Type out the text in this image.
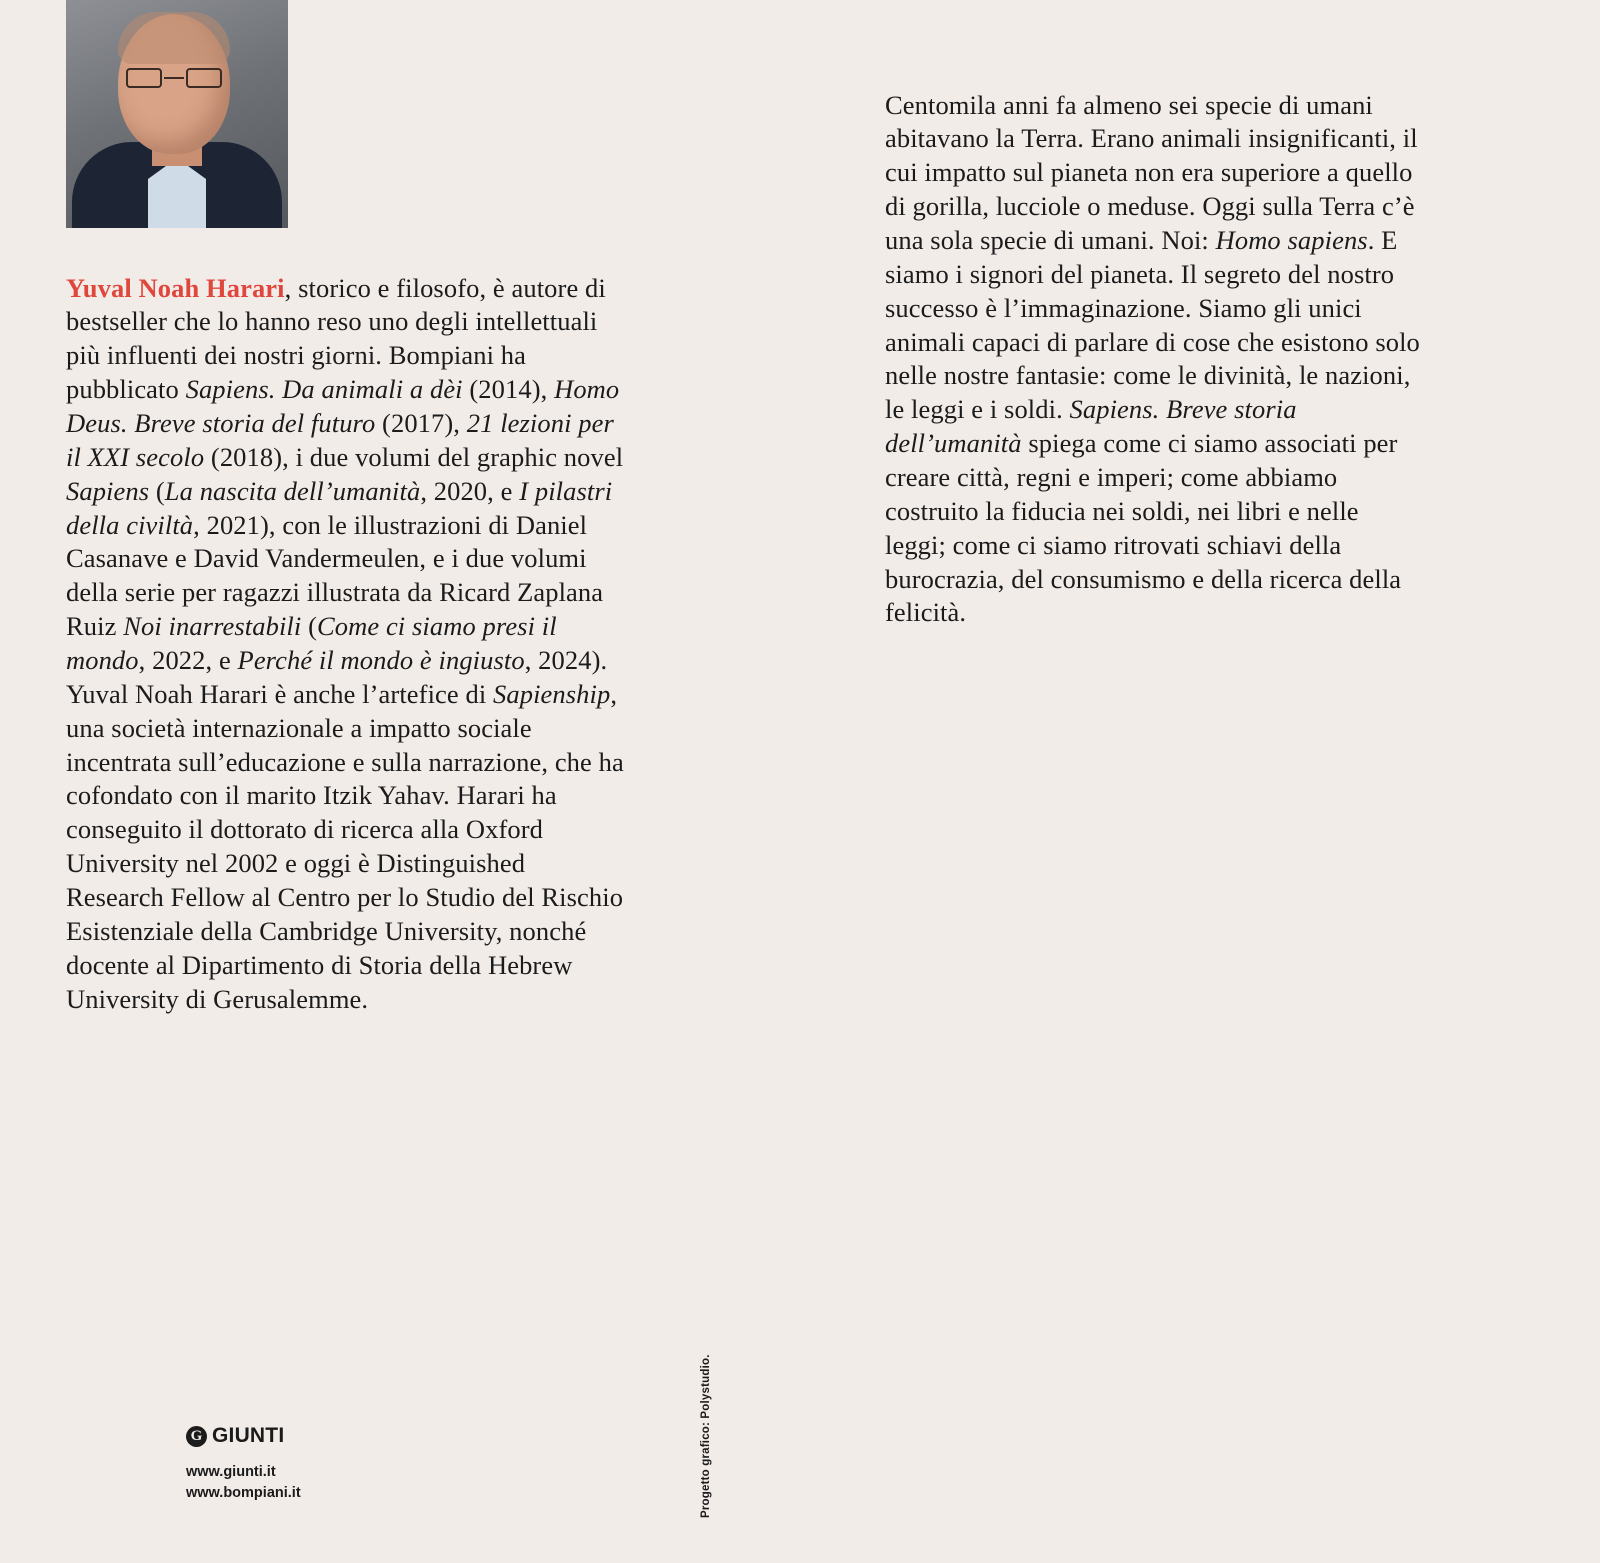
Yuval Noah Harari, storico e filosofo, è autore di bestseller che lo hanno reso uno degli intellettuali più influenti dei nostri giorni. Bompiani ha pubblicato Sapiens. Da animali a dèi (2014), Homo Deus. Breve storia del futuro (2017), 21 lezioni per il XXI secolo (2018), i due volumi del graphic novel Sapiens (La nascita dell’umanità, 2020, e I pilastri della civiltà, 2021), con le illustrazioni di Daniel Casanave e David Vandermeulen, e i due volumi della serie per ragazzi illustrata da Ricard Zaplana Ruiz Noi inarrestabili (Come ci siamo presi il mondo, 2022, e Perché il mondo è ingiusto, 2024). Yuval Noah Harari è anche l’artefice di Sapienship, una società internazionale a impatto sociale incentrata sull’educazione e sulla narrazione, che ha cofondato con il marito Itzik Yahav. Harari ha conseguito il dottorato di ricerca alla Oxford University nel 2002 e oggi è Distinguished Research Fellow al Centro per lo Studio del Rischio Esistenziale della Cambridge University, nonché docente al Dipartimento di Storia della Hebrew University di Gerusalemme.

Centomila anni fa almeno sei specie di umani abitavano la Terra. Erano animali insignificanti, il cui impatto sul pianeta non era superiore a quello di gorilla, lucciole o meduse. Oggi sulla Terra c’è una sola specie di umani. Noi: Homo sapiens. E siamo i signori del pianeta. Il segreto del nostro successo è l’immaginazione. Siamo gli unici animali capaci di parlare di cose che esistono solo nelle nostre fantasie: come le divinità, le nazioni, le leggi e i soldi. Sapiens. Breve storia dell’umanità spiega come ci siamo associati per creare città, regni e imperi; come abbiamo costruito la fiducia nei soldi, nei libri e nelle leggi; come ci siamo ritrovati schiavi della burocrazia, del consumismo e della ricerca della felicità.

Progetto grafico: Polystudio.
G GIUNTI
www.giunti.it
www.bompiani.it
